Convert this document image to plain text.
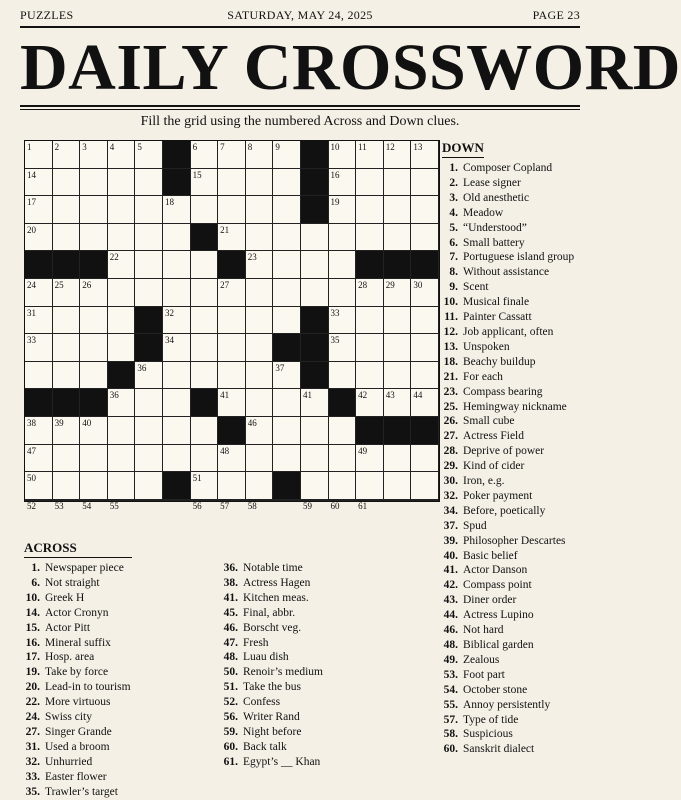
PUZZLES	SATURDAY, MAY 24, 2025	PAGE 23
DAILY CROSSWORD
Fill the grid using the numbered Across and Down clues.
1	2	3	4	5	6	7	8	9	10 11 12 13
14	15	16
17	18	19
20	21
22	23
24 25 26	27	28 29 30
31	32	33
33	34	35
36	37
36	41	41	42 43 44
38 39 40	46
47	48	49
50	51
52 53 54 55	56 57 58	59 60 61
DOWN
1. Composer Copland
2. Lease signer
3. Old anesthetic
4. Meadow
5. “Understood”
6. Small battery
7. Portuguese island group
8. Without assistance
9. Scent
10. Musical finale
11. Painter Cassatt
12. Job applicant, often
13. Unspoken
18. Beachy buildup
21. For each
23. Compass bearing
25. Hemingway nickname
26. Small cube
27. Actress Field
28. Deprive of power
29. Kind of cider
30. Iron, e.g.
32. Poker payment
34. Before, poetically
37. Spud
39. Philosopher Descartes
40. Basic belief
41. Actor Danson
42. Compass point
43. Diner order
44. Actress Lupino
46. Not hard
48. Biblical garden
49. Zealous
53. Foot part
54. October stone
55. Annoy persistently
57. Type of tide
58. Suspicious
60. Sanskrit dialect
ACROSS
1. Newspaper piece
6. Not straight
10. Greek H
14. Actor Cronyn
15. Actor Pitt
16. Mineral suffix
17. Hosp. area
19. Take by force
20. Lead-in to tourism
22. More virtuous
24. Swiss city
27. Singer Grande
31. Used a broom
32. Unhurried
33. Easter flower
35. Trawler’s target
36. Notable time
38. Actress Hagen
41. Kitchen meas.
45. Final, abbr.
46. Borscht veg.
47. Fresh
48. Luau dish
50. Renoir’s medium
51. Take the bus
52. Confess
56. Writer Rand
59. Night before
60. Back talk
61. Egypt’s __ Khan
